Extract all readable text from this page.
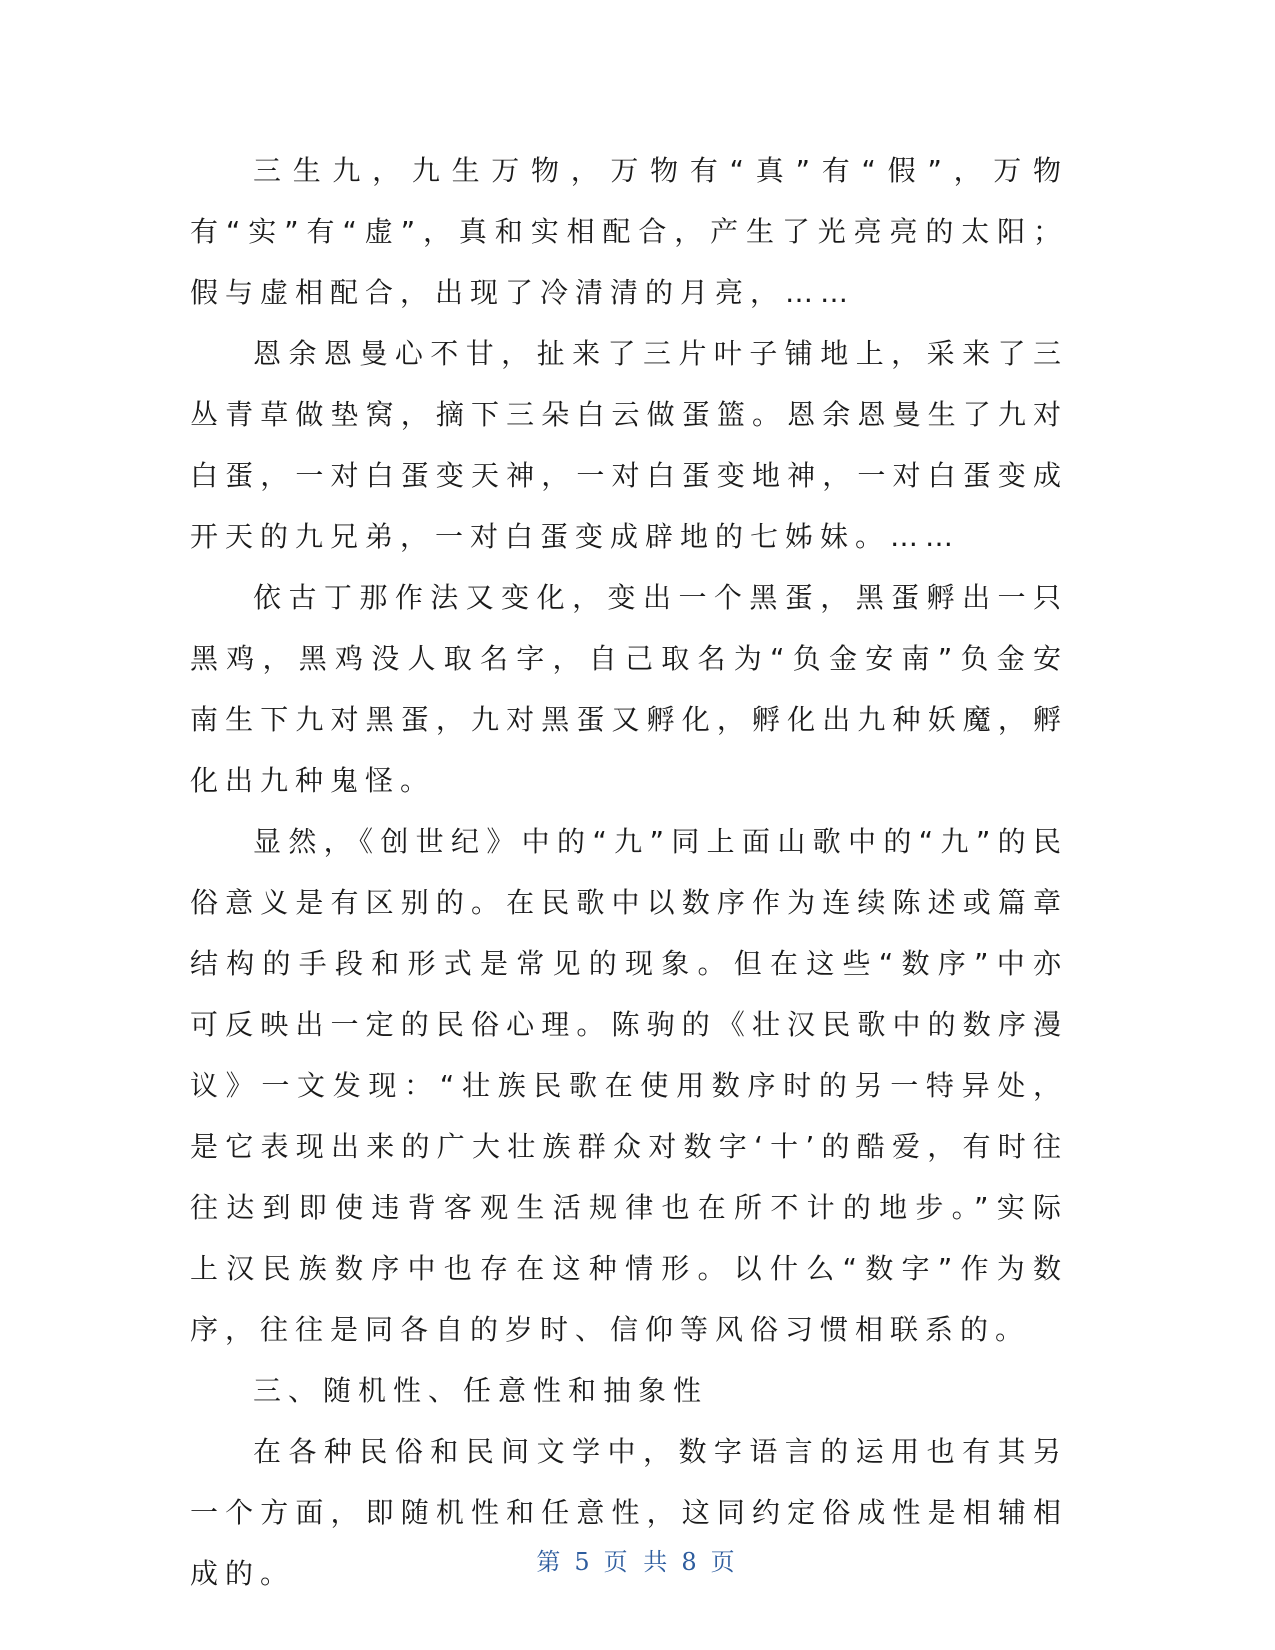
三生九，九生万物，万物有“真”有“假”，万物有“实”有“虚”，真和实相配合，产生了光亮亮的太阳；假与虚相配合，出现了冷清清的月亮，……

恩余恩曼心不甘，扯来了三片叶子铺地上，采来了三丛青草做垫窝，摘下三朵白云做蛋篮。恩余恩曼生了九对白蛋，一对白蛋变天神，一对白蛋变地神，一对白蛋变成开天的九兄弟，一对白蛋变成辟地的七姊妹。……

依古丁那作法又变化，变出一个黑蛋，黑蛋孵出一只黑鸡，黑鸡没人取名字，自己取名为“负金安南”负金安南生下九对黑蛋，九对黑蛋又孵化，孵化出九种妖魔，孵化出九种鬼怪。

显然，《创世纪》中的“九”同上面山歌中的“九”的民俗意义是有区别的。在民歌中以数序作为连续陈述或篇章结构的手段和形式是常见的现象。但在这些“数序”中亦可反映出一定的民俗心理。陈驹的《壮汉民歌中的数序漫议》一文发现：“壮族民歌在使用数序时的另一特异处，是它表现出来的广大壮族群众对数字‘十’的酷爱，有时往往达到即使违背客观生活规律也在所不计的地步。”实际上汉民族数序中也存在这种情形。以什么“数字”作为数序，往往是同各自的岁时、信仰等风俗习惯相联系的。

三、随机性、任意性和抽象性

在各种民俗和民间文学中，数字语言的运用也有其另一个方面，即随机性和任意性，这同约定俗成性是相辅相成的。	第 5 页 共 8 页
